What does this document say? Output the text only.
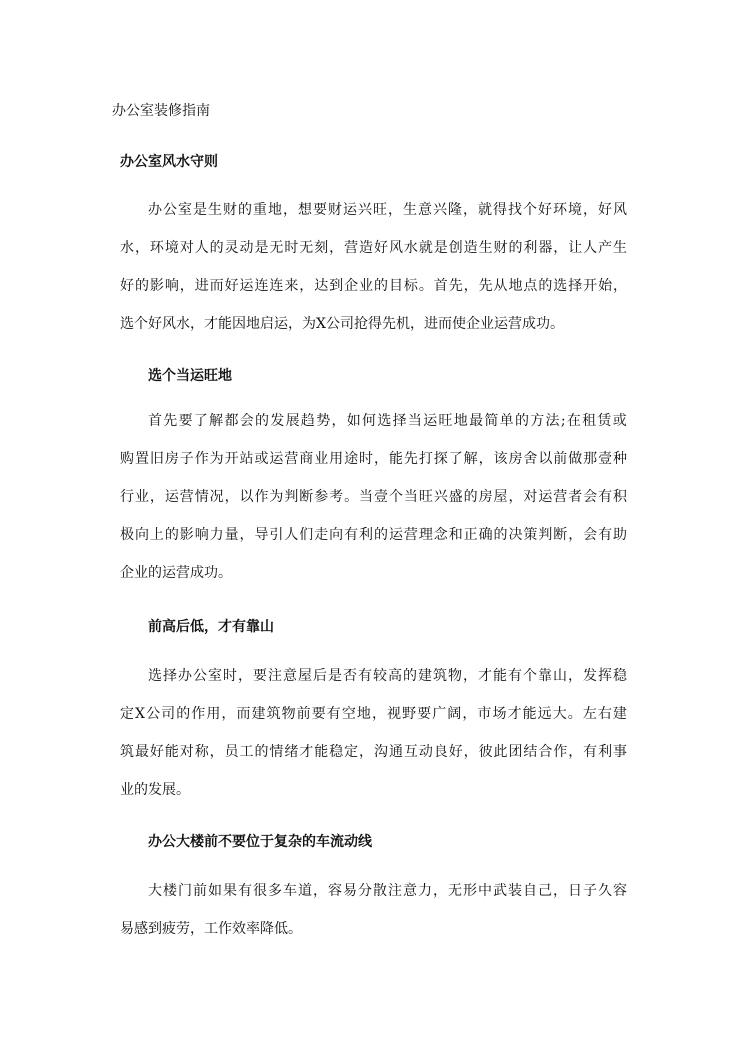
办公室装修指南
办公室风水守则
办公室是生财的重地，想要财运兴旺，生意兴隆，就得找个好环境，好风
水，环境对人的灵动是无时无刻，营造好风水就是创造生财的利器，让人产生
好的影响，进而好运连连来，达到企业的目标。首先，先从地点的选择开始，
选个好风水，才能因地启运，为X公司抢得先机，进而使企业运营成功。
选个当运旺地
首先要了解都会的发展趋势，如何选择当运旺地最简单的方法;在租赁或
购置旧房子作为开站或运营商业用途时，能先打探了解，该房舍以前做那壹种
行业，运营情况，以作为判断参考。当壹个当旺兴盛的房屋，对运营者会有积
极向上的影响力量，导引人们走向有利的运营理念和正确的决策判断，会有助
企业的运营成功。
前高后低，才有靠山
选择办公室时，要注意屋后是否有较高的建筑物，才能有个靠山，发挥稳
定X公司的作用，而建筑物前要有空地，视野要广阔，市场才能远大。左右建
筑最好能对称，员工的情绪才能稳定，沟通互动良好，彼此团结合作，有利事
业的发展。
办公大楼前不要位于复杂的车流动线
大楼门前如果有很多车道，容易分散注意力，无形中武装自己，日子久容
易感到疲劳，工作效率降低。
